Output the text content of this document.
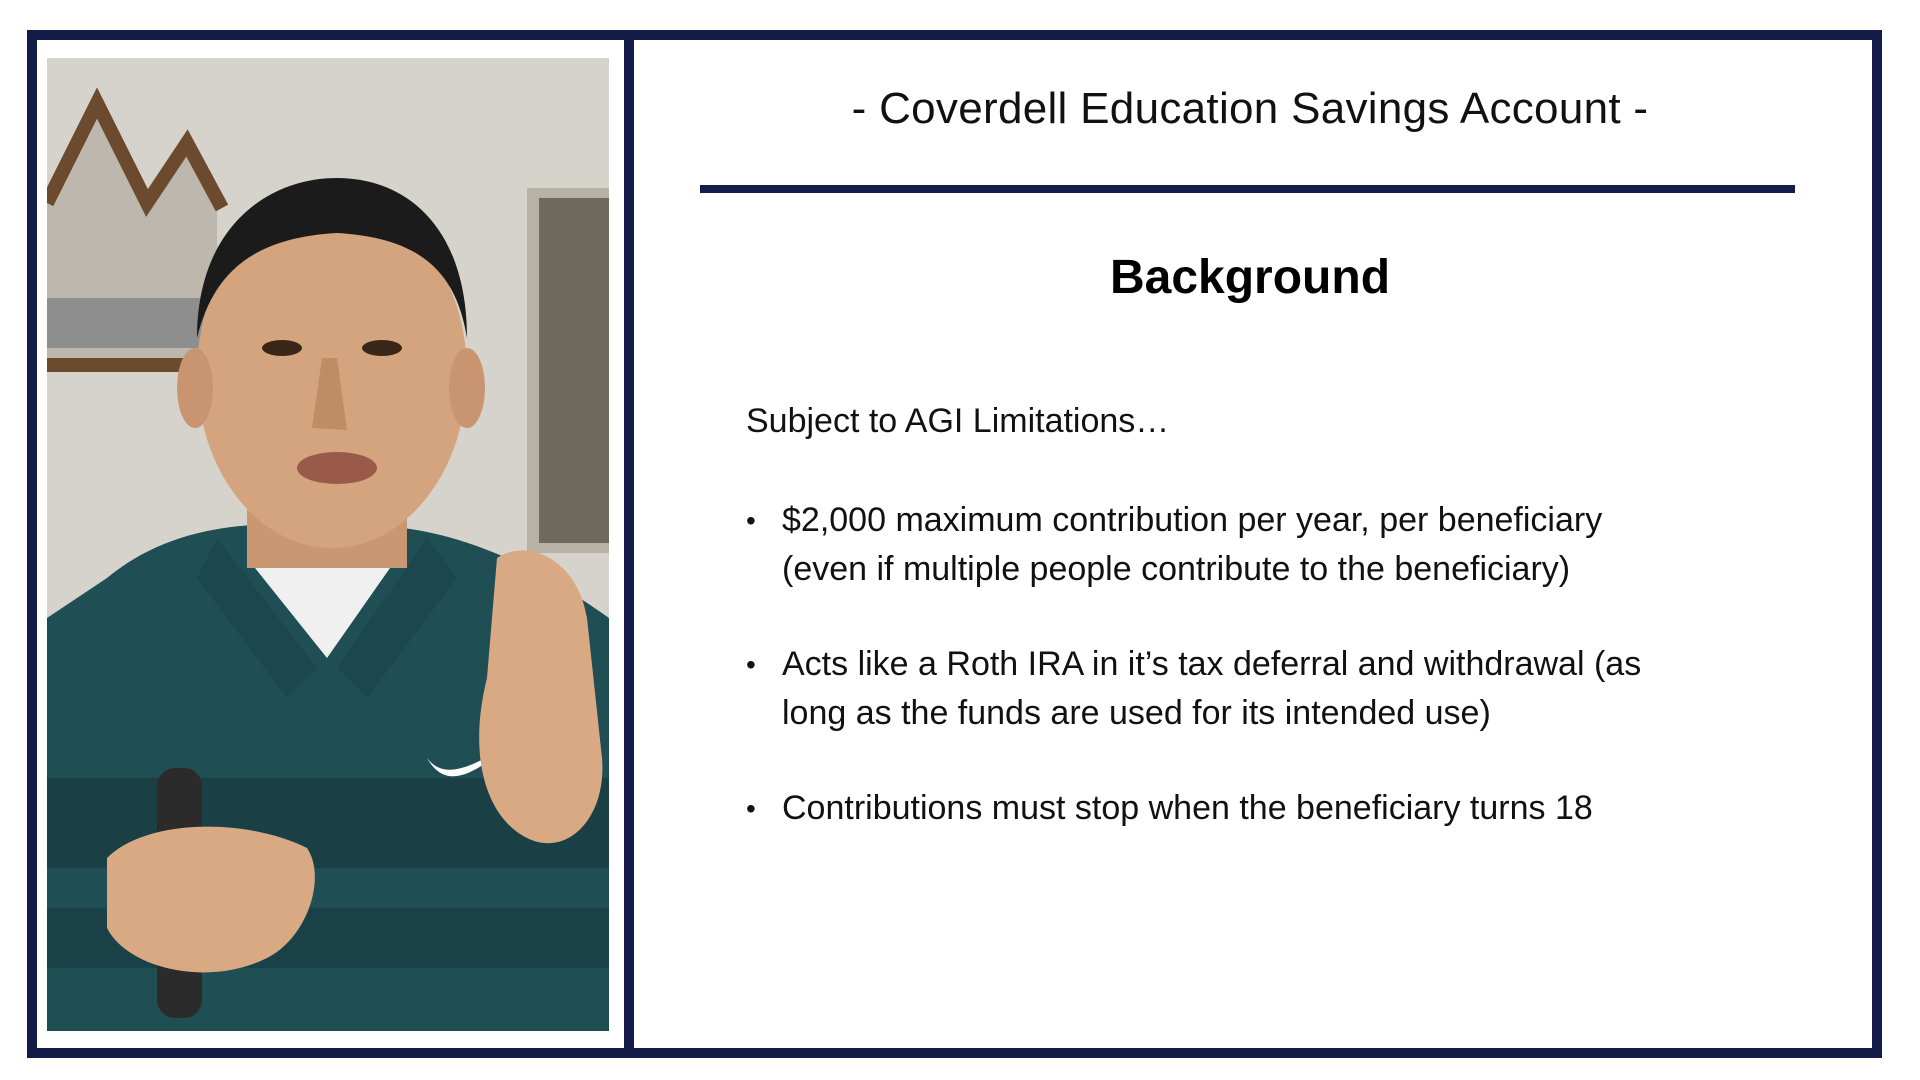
- Coverdell Education Savings Account -
Background
Subject to AGI Limitations…
• $2,000 maximum contribution per year, per beneficiary
(even if multiple people contribute to the beneficiary)
• Acts like a Roth IRA in it’s tax deferral and withdrawal (as
long as the funds are used for its intended use)
• Contributions must stop when the beneficiary turns 18
